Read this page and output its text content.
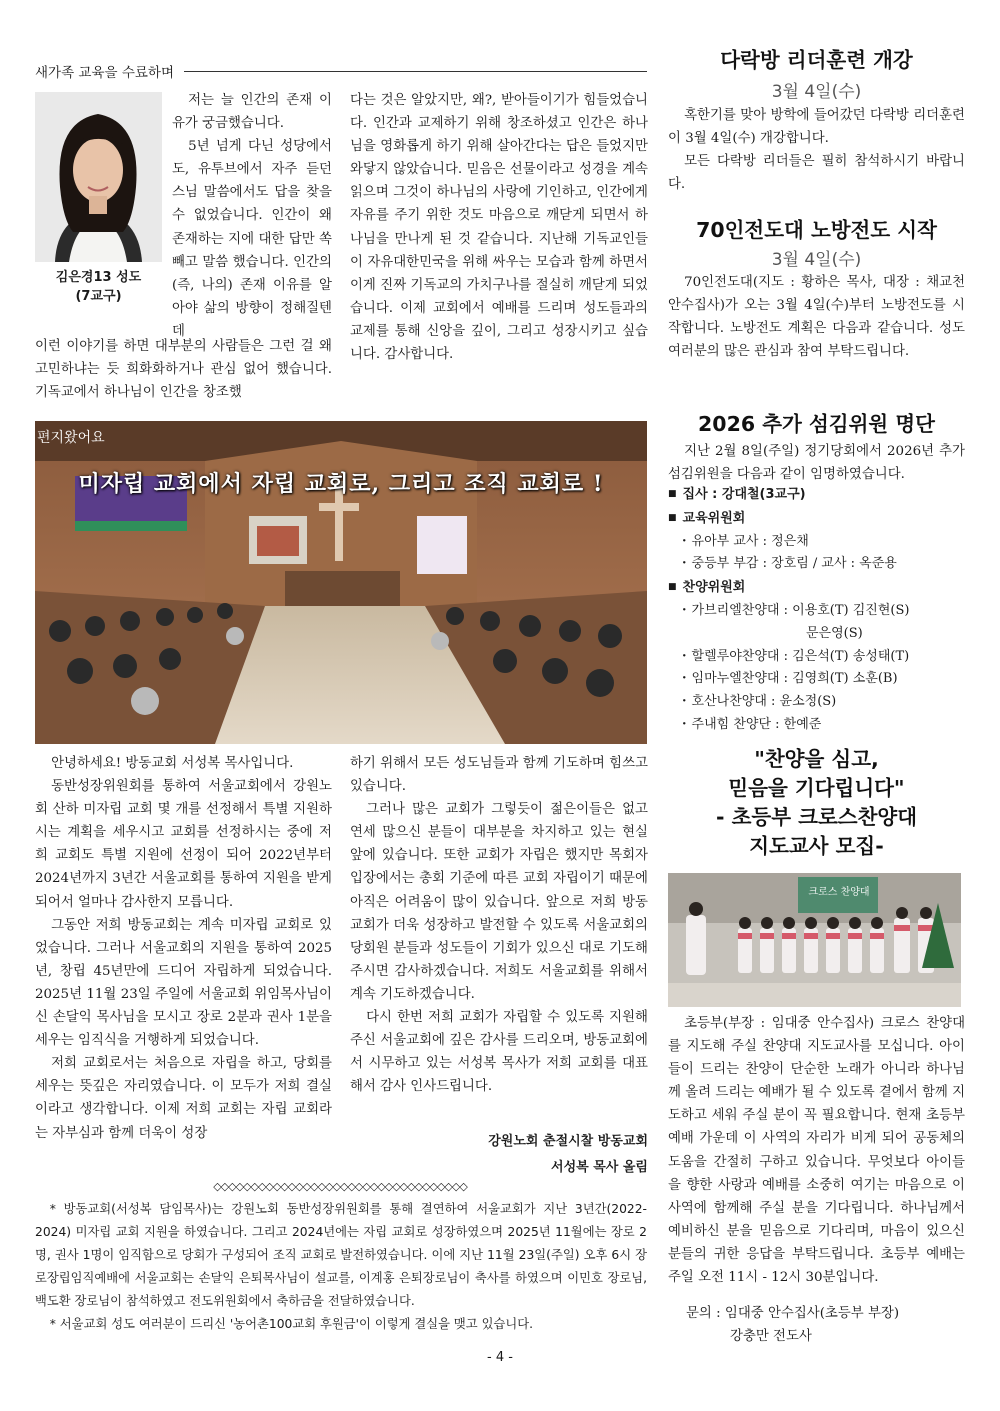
새가족 교육을 수료하며
김은경13 성도
(7교구)

저는 늘 인간의 존재 이유가 궁금했습니다.

5년 넘게 다닌 성당에서도, 유투브에서 자주 듣던 스님 말씀에서도 답을 찾을 수 없었습니다. 인간이 왜 존재하는 지에 대한 답만 쏙 빼고 말씀 했습니다. 인간의(즉, 나의) 존재 이유를 알아야 삶의 방향이 정해질텐데

이런 이야기를 하면 대부분의 사람들은 그런 걸 왜 고민하냐는 듯 희화화하거나 관심 없어 했습니다. 기독교에서 하나님이 인간을 창조했

다는 것은 알았지만, 왜?, 받아들이기가 힘들었습니다. 인간과 교제하기 위해 창조하셨고 인간은 하나님을 영화롭게 하기 위해 살아간다는 답은 들었지만 와닿지 않았습니다. 믿음은 선물이라고 성경을 계속 읽으며 그것이 하나님의 사랑에 기인하고, 인간에게 자유를 주기 위한 것도 마음으로 깨닫게 되면서 하나님을 만나게 된 것 같습니다. 지난해 기독교인들이 자유대한민국을 위해 싸우는 모습과 함께 하면서 이게 진짜 기독교의 가치구나를 절실히 깨닫게 되었습니다. 이제 교회에서 예배를 드리며 성도들과의 교제를 통해 신앙을 깊이, 그리고 성장시키고 싶습니다. 감사합니다.

편지왔어요
미자립 교회에서 자립 교회로, 그리고 조직 교회로 !

안녕하세요! 방동교회 서성복 목사입니다.

동반성장위원회를 통하여 서울교회에서 강원노회 산하 미자립 교회 몇 개를 선정해서 특별 지원하시는 계획을 세우시고 교회를 선정하시는 중에 저희 교회도 특별 지원에 선정이 되어 2022년부터 2024년까지 3년간 서울교회를 통하여 지원을 받게 되어서 얼마나 감사한지 모릅니다.

그동안 저희 방동교회는 계속 미자립 교회로 있었습니다. 그러나 서울교회의 지원을 통하여 2025년, 창립 45년만에 드디어 자립하게 되었습니다. 2025년 11월 23일 주일에 서울교회 위임목사님이신 손달익 목사님을 모시고 장로 2분과 권사 1분을 세우는 임직식을 거행하게 되었습니다.

저희 교회로서는 처음으로 자립을 하고, 당회를 세우는 뜻깊은 자리였습니다. 이 모두가 저희 결실이라고 생각합니다. 이제 저희 교회는 자립 교회라는 자부심과 함께 더욱이 성장

하기 위해서 모든 성도님들과 함께 기도하며 힘쓰고 있습니다.

그러나 많은 교회가 그렇듯이 젊은이들은 없고 연세 많으신 분들이 대부분을 차지하고 있는 현실 앞에 있습니다. 또한 교회가 자립은 했지만 목회자 입장에서는 총회 기준에 따른 교회 자립이기 때문에 아직은 어려움이 많이 있습니다. 앞으로 저희 방동교회가 더욱 성장하고 발전할 수 있도록 서울교회의 당회원 분들과 성도들이 기회가 있으신 대로 기도해 주시면 감사하겠습니다. 저희도 서울교회를 위해서 계속 기도하겠습니다.

다시 한번 저희 교회가 자립할 수 있도록 지원해 주신 서울교회에 깊은 감사를 드리오며, 방동교회에서 시무하고 있는 서성복 목사가 저희 교회를 대표해서 감사 인사드립니다.

강원노회 춘절시찰 방동교회
서성복 목사 올림
◇◇◇◇◇◇◇◇◇◇◇◇◇◇◇◇◇◇◇◇◇◇◇◇◇◇◇◇◇◇◇◇◇◇

* 방동교회(서성복 담임목사)는 강원노회 동반성장위원회를 통해 결연하여 서울교회가 지난 3년간(2022-2024) 미자립 교회 지원을 하였습니다. 그리고 2024년에는 자립 교회로 성장하였으며 2025년 11월에는 장로 2명, 권사 1명이 임직함으로 당회가 구성되어 조직 교회로 발전하였습니다. 이에 지난 11월 23일(주일) 오후 6시 장로장립임직예배에 서울교회는 손달익 은퇴목사님이 설교를, 이계홍 은퇴장로님이 축사를 하였으며 이민호 장로님, 백도환 장로님이 참석하였고 전도위원회에서 축하금을 전달하였습니다.

* 서울교회 성도 여러분이 드리신 '농어촌100교회 후원금'이 이렇게 결실을 맺고 있습니다.

- 4 -
다락방 리더훈련 개강
3월 4일(수)

혹한기를 맞아 방학에 들어갔던 다락방 리더훈련이 3월 4일(수) 개강합니다.

모든 다락방 리더들은 필히 참석하시기 바랍니다.

70인전도대 노방전도 시작
3월 4일(수)

70인전도대(지도 : 황하은 목사, 대장 : 채교천 안수집사)가 오는 3월 4일(수)부터 노방전도를 시작합니다. 노방전도 계획은 다음과 같습니다. 성도 여러분의 많은 관심과 참여 부탁드립니다.

2026 추가 섬김위원 명단

지난 2월 8일(주일) 정기당회에서 2026년 추가 섬김위원을 다음과 같이 임명하였습니다.

■ 집사 : 강대철(3교구)
■ 교육위원회
· 유아부 교사 : 정은채
· 중등부 부감 : 장호림 / 교사 : 옥준용
■ 찬양위원회
· 가브리엘찬양대 : 이용호(T) 김진현(S)
문은영(S)
· 할렐루야찬양대 : 김은석(T) 송성태(T)
· 임마누엘찬양대 : 김영희(T) 소훈(B)
· 호산나찬양대 : 윤소정(S)
· 주내힘 찬양단 : 한예준
"찬양을 심고,
믿음을 기다립니다"
- 초등부 크로스찬양대
지도교사 모집-
크로스 찬양대

초등부(부장 : 임대중 안수집사) 크로스 찬양대를 지도해 주실 찬양대 지도교사를 모십니다. 아이들이 드리는 찬양이 단순한 노래가 아니라 하나님께 올려 드리는 예배가 될 수 있도록 곁에서 함께 지도하고 세워 주실 분이 꼭 필요합니다. 현재 초등부 예배 가운데 이 사역의 자리가 비게 되어 공동체의 도움을 간절히 구하고 있습니다. 무엇보다 아이들을 향한 사랑과 예배를 소중히 여기는 마음으로 이 사역에 함께해 주실 분을 기다립니다. 하나님께서 예비하신 분을 믿음으로 기다리며, 마음이 있으신 분들의 귀한 응답을 부탁드립니다. 초등부 예배는 주일 오전 11시 - 12시 30분입니다.

문의 : 임대중 안수집사(초등부 부장)
강충만 전도사
